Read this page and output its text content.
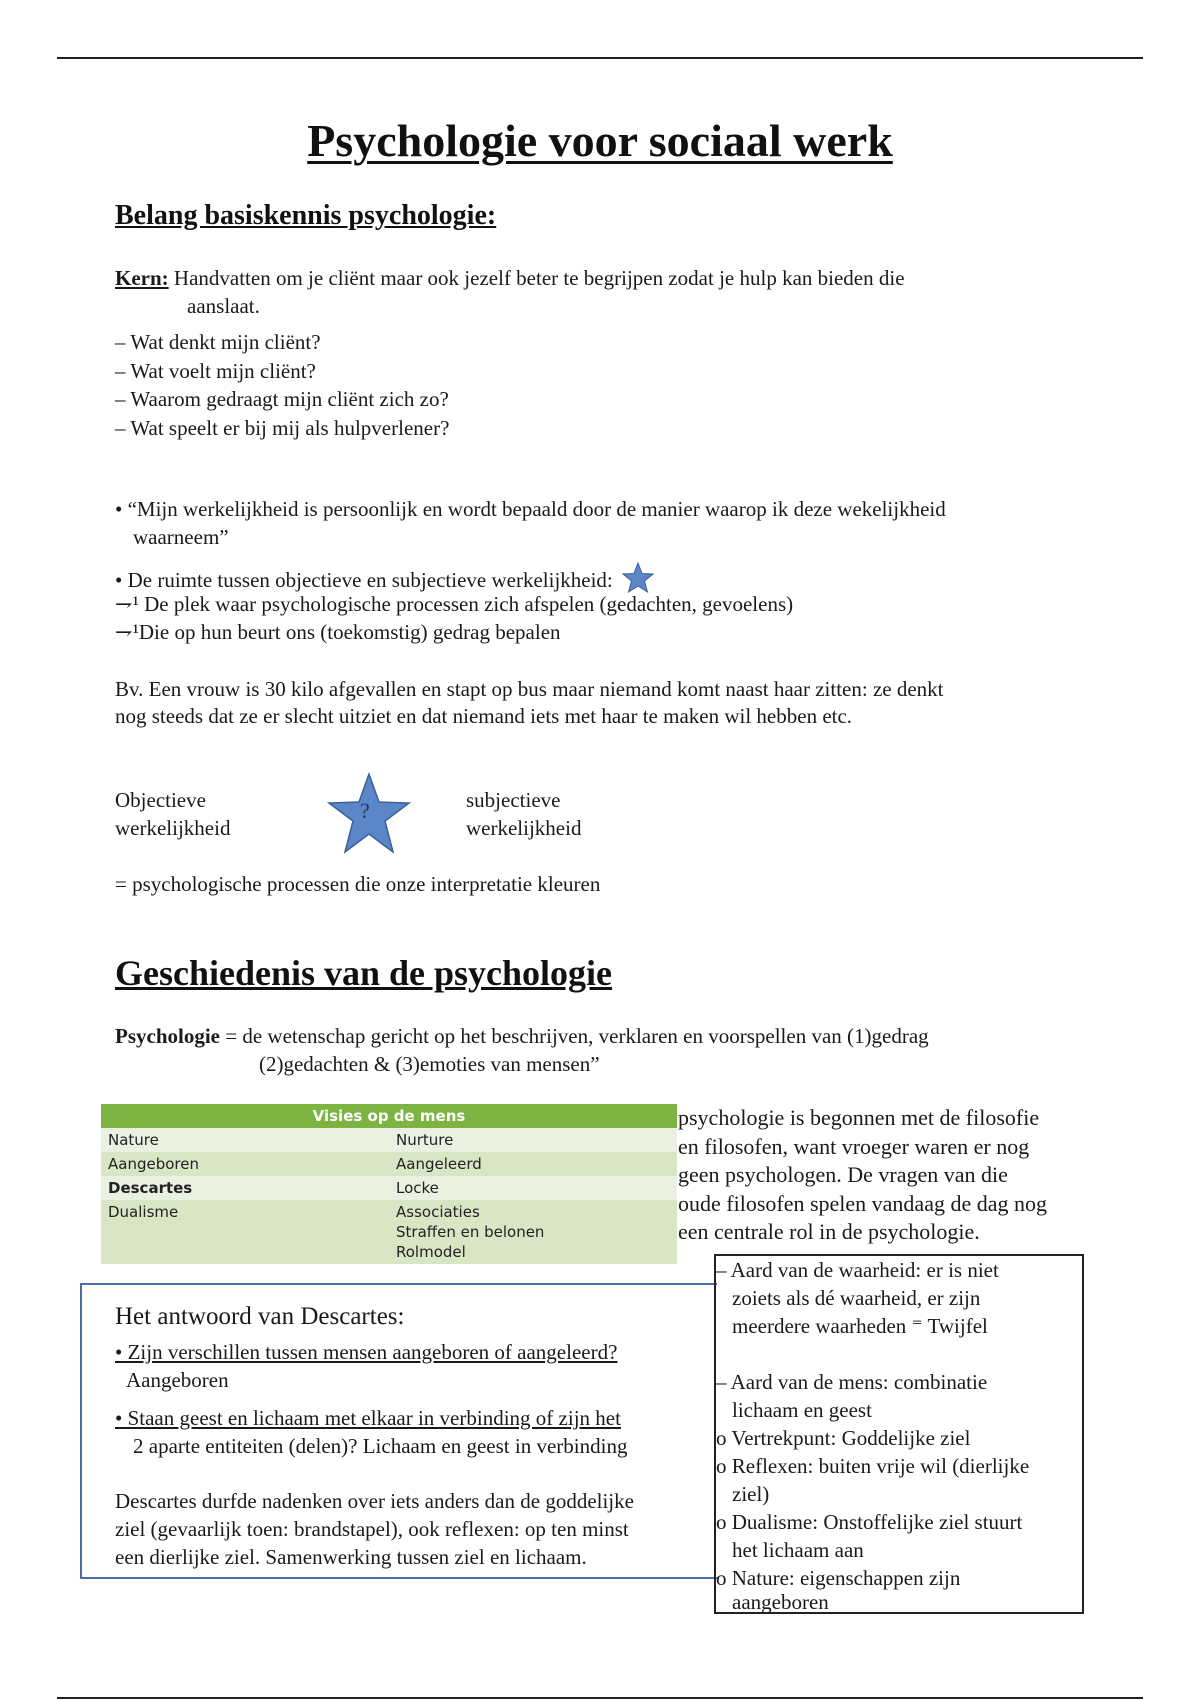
Psychologie voor sociaal werk
Belang basiskennis psychologie:
Kern: Handvatten om je cliënt maar ook jezelf beter te begrijpen zodat je hulp kan bieden die
aanslaat.
– Wat denkt mijn cliënt?
– Wat voelt mijn cliënt?
– Waarom gedraagt mijn cliënt zich zo?
– Wat speelt er bij mij als hulpverlener?
• “Mijn werkelijkheid is persoonlijk en wordt bepaald door de manier waarop ik deze wekelijkheid
waarneem”
• De ruimte tussen objectieve en subjectieve werkelijkheid:
⇁¹ De plek waar psychologische processen zich afspelen (gedachten, gevoelens)
⇁¹Die op hun beurt ons (toekomstig) gedrag bepalen
Bv. Een vrouw is 30 kilo afgevallen en stapt op bus maar niemand komt naast haar zitten: ze denkt
nog steeds dat ze er slecht uitziet en dat niemand iets met haar te maken wil hebben etc.
Objectieve
werkelijkheid
?	subjectieve
werkelijkheid
= psychologische processen die onze interpretatie kleuren
Geschiedenis van de psychologie
Psychologie = de wetenschap gericht op het beschrijven, verklaren en voorspellen van (1)gedrag
(2)gedachten & (3)emoties van mensen”
Visies op de mens	
Nature	Nurture
Aangeboren	Aangeleerd
Descartes	Locke
Dualisme	Associaties
Straffen en belonen
Rolmodel
psychologie is begonnen met de filosofie
en filosofen, want vroeger waren er nog
geen psychologen. De vragen van die
oude filosofen spelen vandaag de dag nog
een centrale rol in de psychologie.
Het antwoord van Descartes:
• Zijn verschillen tussen mensen aangeboren of aangeleerd?
Aangeboren
• Staan geest en lichaam met elkaar in verbinding of zijn het
2 aparte entiteiten (delen)? Lichaam en geest in verbinding
Descartes durfde nadenken over iets anders dan de goddelijke
ziel (gevaarlijk toen: brandstapel), ook reflexen: op ten minst
een dierlijke ziel. Samenwerking tussen ziel en lichaam.
– Aard van de waarheid: er is niet
zoiets als dé waarheid, er zijn
meerdere waarheden ⁼ Twijfel
– Aard van de mens: combinatie
lichaam en geest
o Vertrekpunt: Goddelijke ziel
o Reflexen: buiten vrije wil (dierlijke
ziel)
o Dualisme: Onstoffelijke ziel stuurt
het lichaam aan
o Nature: eigenschappen zijn
aangeboren
